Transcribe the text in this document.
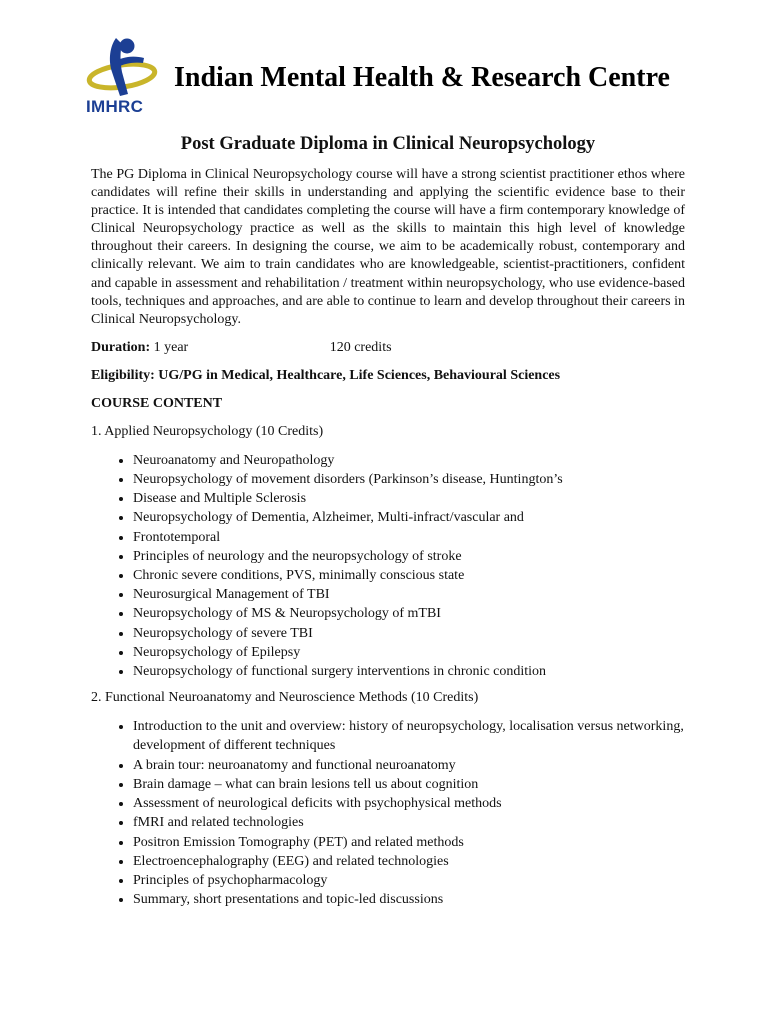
IMHRC
Indian Mental Health & Research Centre
Post Graduate Diploma in Clinical Neuropsychology

The PG Diploma in Clinical Neuropsychology course will have a strong scientist practitioner ethos where candidates will refine their skills in understanding and applying the scientific evidence base to their practice. It is intended that candidates completing the course will have a firm contemporary knowledge of Clinical Neuropsychology practice as well as the skills to maintain this high level of knowledge throughout their careers. In designing the course, we aim to be academically robust, contemporary and clinically relevant. We aim to train candidates who are knowledgeable, scientist-practitioners, confident and capable in assessment and rehabilitation / treatment within neuropsychology, who use evidence-based tools, techniques and approaches, and are able to continue to learn and develop throughout their careers in Clinical Neuropsychology.

Duration: 1 year	120 credits

Eligibility: UG/PG in Medical, Healthcare, Life Sciences, Behavioural Sciences

COURSE CONTENT

1. Applied Neuropsychology (10 Credits)

• Neuroanatomy and Neuropathology
• Neuropsychology of movement disorders (Parkinson’s disease, Huntington’s
• Disease and Multiple Sclerosis
• Neuropsychology of Dementia, Alzheimer, Multi-infract/vascular and
• Frontotemporal
• Principles of neurology and the neuropsychology of stroke
• Chronic severe conditions, PVS, minimally conscious state
• Neurosurgical Management of TBI
• Neuropsychology of MS & Neuropsychology of mTBI
• Neuropsychology of severe TBI
• Neuropsychology of Epilepsy
• Neuropsychology of functional surgery interventions in chronic condition

2. Functional Neuroanatomy and Neuroscience Methods (10 Credits)

• Introduction to the unit and overview: history of neuropsychology, localisation versus networking, development of different techniques
• A brain tour: neuroanatomy and functional neuroanatomy
• Brain damage – what can brain lesions tell us about cognition
• Assessment of neurological deficits with psychophysical methods
• fMRI and related technologies
• Positron Emission Tomography (PET) and related methods
• Electroencephalography (EEG) and related technologies
• Principles of psychopharmacology
• Summary, short presentations and topic-led discussions
